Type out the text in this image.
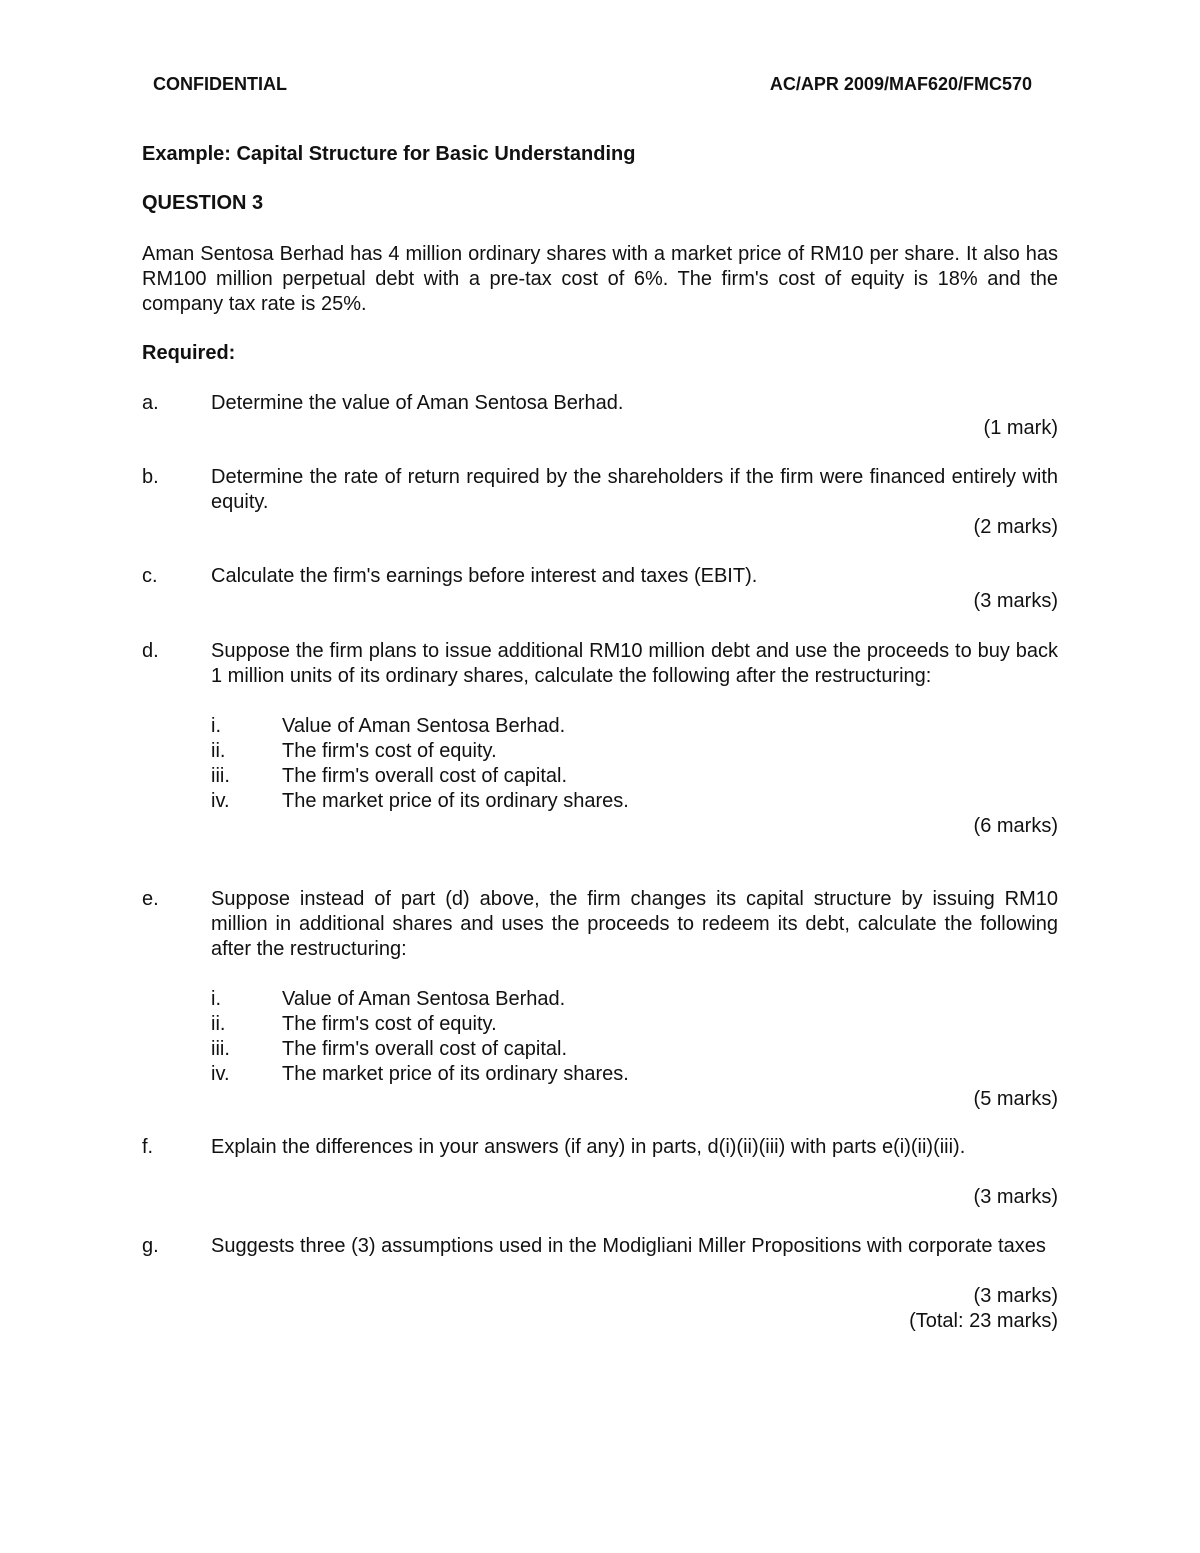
CONFIDENTIAL	AC/APR 2009/MAF620/FMC570
Example: Capital Structure for Basic Understanding
QUESTION 3
Aman Sentosa Berhad has 4 million ordinary shares with a market price of RM10 per share. It also has RM100 million perpetual debt with a pre-tax cost of 6%. The firm's cost of equity is 18% and the company tax rate is 25%.
Required:
a.	Determine the value of Aman Sentosa Berhad.
(1 mark)
b.	Determine the rate of return required by the shareholders if the firm were financed entirely with equity.
(2 marks)
c.	Calculate the firm's earnings before interest and taxes (EBIT).
(3 marks)
d.	Suppose the firm plans to issue additional RM10 million debt and use the proceeds to buy back 1 million units of its ordinary shares, calculate the following after the restructuring:
i.	Value of Aman Sentosa Berhad.
ii.	The firm's cost of equity.
iii.	The firm's overall cost of capital.
iv.	The market price of its ordinary shares.
(6 marks)
e.	Suppose instead of part (d) above, the firm changes its capital structure by issuing RM10 million in additional shares and uses the proceeds to redeem its debt, calculate the following after the restructuring:
i.	Value of Aman Sentosa Berhad.
ii.	The firm's cost of equity.
iii.	The firm's overall cost of capital.
iv.	The market price of its ordinary shares.
(5 marks)
f.	Explain the differences in your answers (if any) in parts, d(i)(ii)(iii) with parts e(i)(ii)(iii).
(3 marks)
g.	Suggests three (3) assumptions used in the Modigliani Miller Propositions with corporate taxes
(3 marks)
(Total: 23 marks)
